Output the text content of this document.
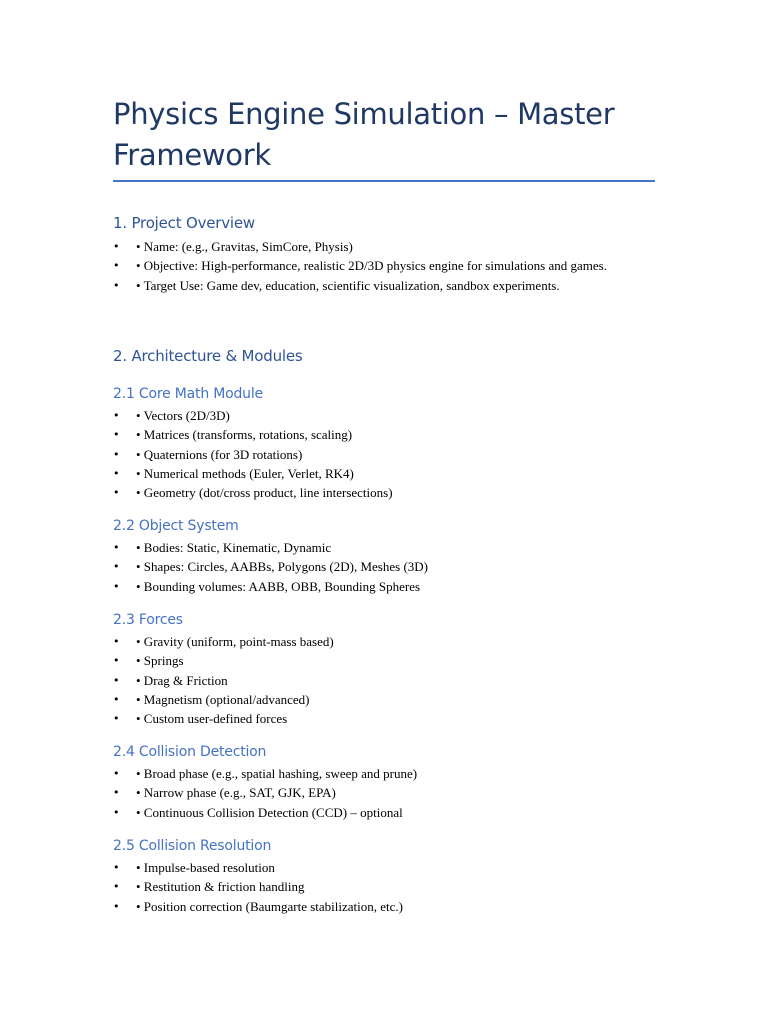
Physics Engine Simulation – Master Framework
1. Project Overview
• • Name: (e.g., Gravitas, SimCore, Physis)
• • Objective: High-performance, realistic 2D/3D physics engine for simulations and games.
• • Target Use: Game dev, education, scientific visualization, sandbox experiments.
2. Architecture & Modules
2.1 Core Math Module
• • Vectors (2D/3D)
• • Matrices (transforms, rotations, scaling)
• • Quaternions (for 3D rotations)
• • Numerical methods (Euler, Verlet, RK4)
• • Geometry (dot/cross product, line intersections)
2.2 Object System
• • Bodies: Static, Kinematic, Dynamic
• • Shapes: Circles, AABBs, Polygons (2D), Meshes (3D)
• • Bounding volumes: AABB, OBB, Bounding Spheres
2.3 Forces
• • Gravity (uniform, point-mass based)
• • Springs
• • Drag & Friction
• • Magnetism (optional/advanced)
• • Custom user-defined forces
2.4 Collision Detection
• • Broad phase (e.g., spatial hashing, sweep and prune)
• • Narrow phase (e.g., SAT, GJK, EPA)
• • Continuous Collision Detection (CCD) – optional
2.5 Collision Resolution
• • Impulse-based resolution
• • Restitution & friction handling
• • Position correction (Baumgarte stabilization, etc.)
